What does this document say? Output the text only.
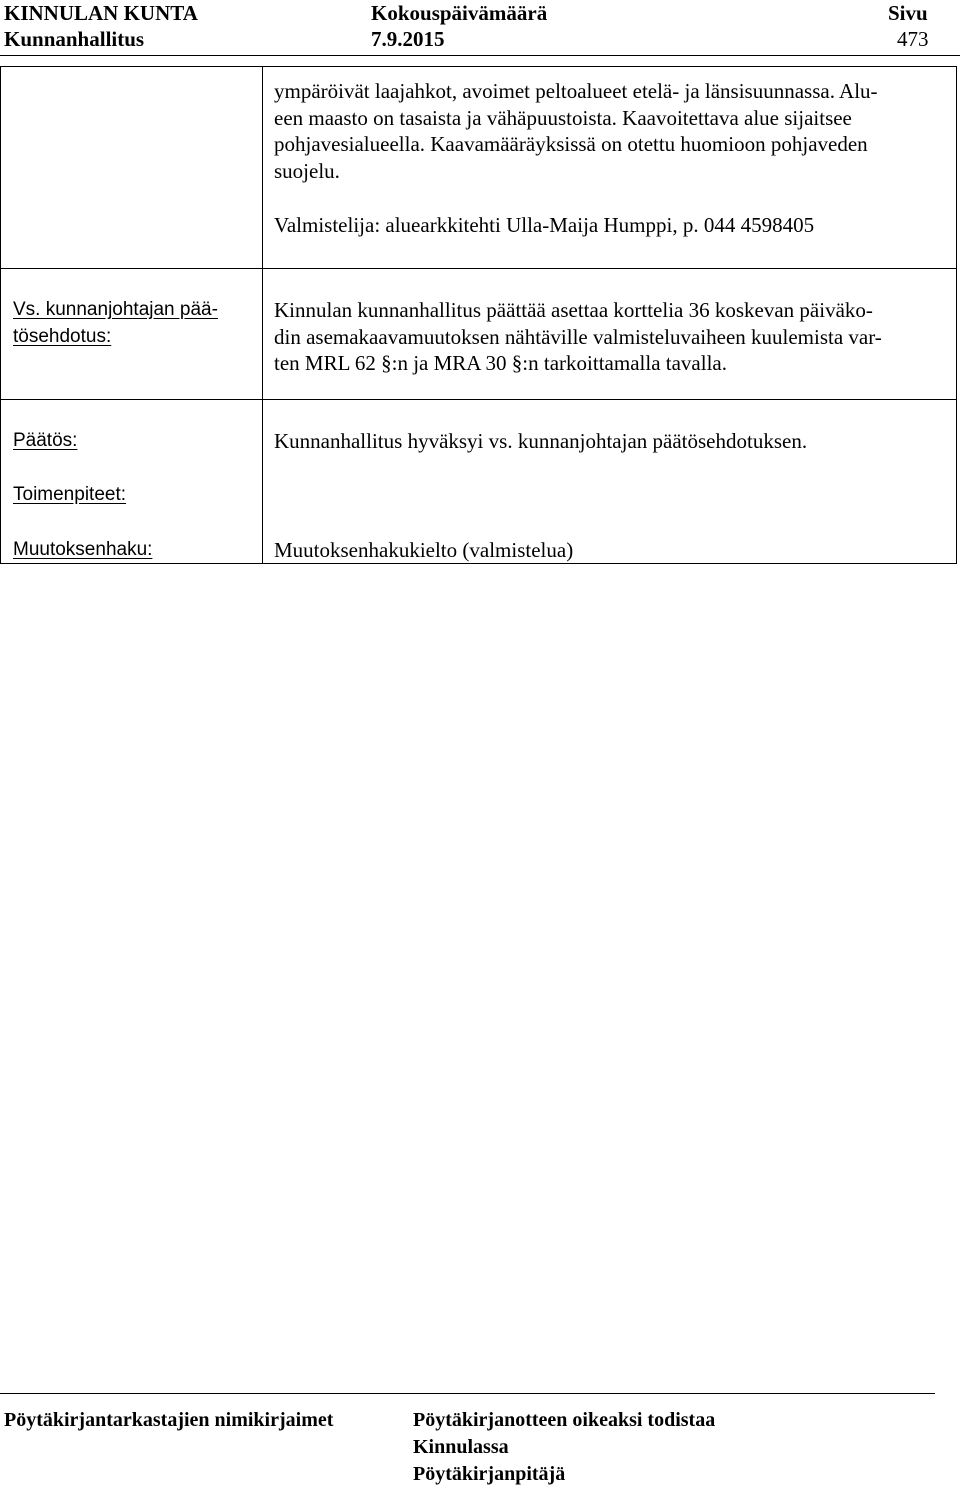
KINNULAN KUNTA
Kunnanhallitus
Kokouspäivämäärä
7.9.2015
Sivu
473
ympäröivät laajahkot, avoimet peltoalueet etelä- ja länsisuunnassa. Alu-
een maasto on tasaista ja vähäpuustoista. Kaavoitettava alue sijaitsee
pohjavesialueella. Kaavamääräyksissä on otettu huomioon pohjaveden
suojelu.
Valmistelija: aluearkkitehti Ulla-Maija Humppi, p. 044 4598405
Vs. kunnanjohtajan pää-
tösehdotus:
Kinnulan kunnanhallitus päättää asettaa korttelia 36 koskevan päiväko-
din asemakaavamuutoksen nähtäville valmisteluvaiheen kuulemista var-
ten MRL 62 §:n ja MRA 30 §:n tarkoittamalla tavalla.
Päätös:	Kunnanhallitus hyväksyi vs. kunnanjohtajan päätösehdotuksen.
Toimenpiteet:
Muutoksenhaku:	Muutoksenhakukielto (valmistelua)
Pöytäkirjantarkastajien nimikirjaimet	Pöytäkirjanotteen oikeaksi todistaa
Kinnulassa
Pöytäkirjanpitäjä
